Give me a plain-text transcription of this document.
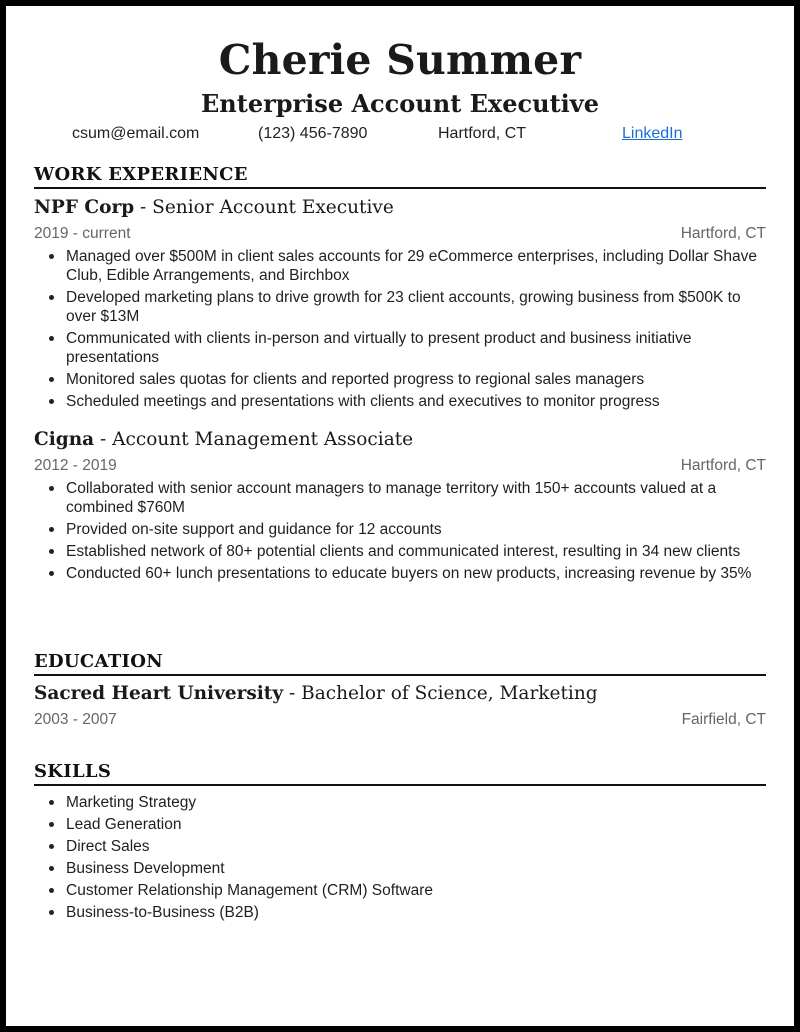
Cherie Summer
Enterprise Account Executive
csum@email.com	(123) 456-7890	Hartford, CT	LinkedIn
WORK EXPERIENCE
NPF Corp - Senior Account Executive
2019 - current	Hartford, CT
Managed over $500M in client sales accounts for 29 eCommerce enterprises, including Dollar Shave Club, Edible Arrangements, and Birchbox
Developed marketing plans to drive growth for 23 client accounts, growing business from $500K to over $13M
Communicated with clients in-person and virtually to present product and business initiative presentations
Monitored sales quotas for clients and reported progress to regional sales managers
Scheduled meetings and presentations with clients and executives to monitor progress
Cigna - Account Management Associate
2012 - 2019	Hartford, CT
Collaborated with senior account managers to manage territory with 150+ accounts valued at a combined $760M
Provided on-site support and guidance for 12 accounts
Established network of 80+ potential clients and communicated interest, resulting in 34 new clients
Conducted 60+ lunch presentations to educate buyers on new products, increasing revenue by 35%
EDUCATION
Sacred Heart University - Bachelor of Science, Marketing
2003 - 2007	Fairfield, CT
SKILLS
Marketing Strategy
Lead Generation
Direct Sales
Business Development
Customer Relationship Management (CRM) Software
Business-to-Business (B2B)
